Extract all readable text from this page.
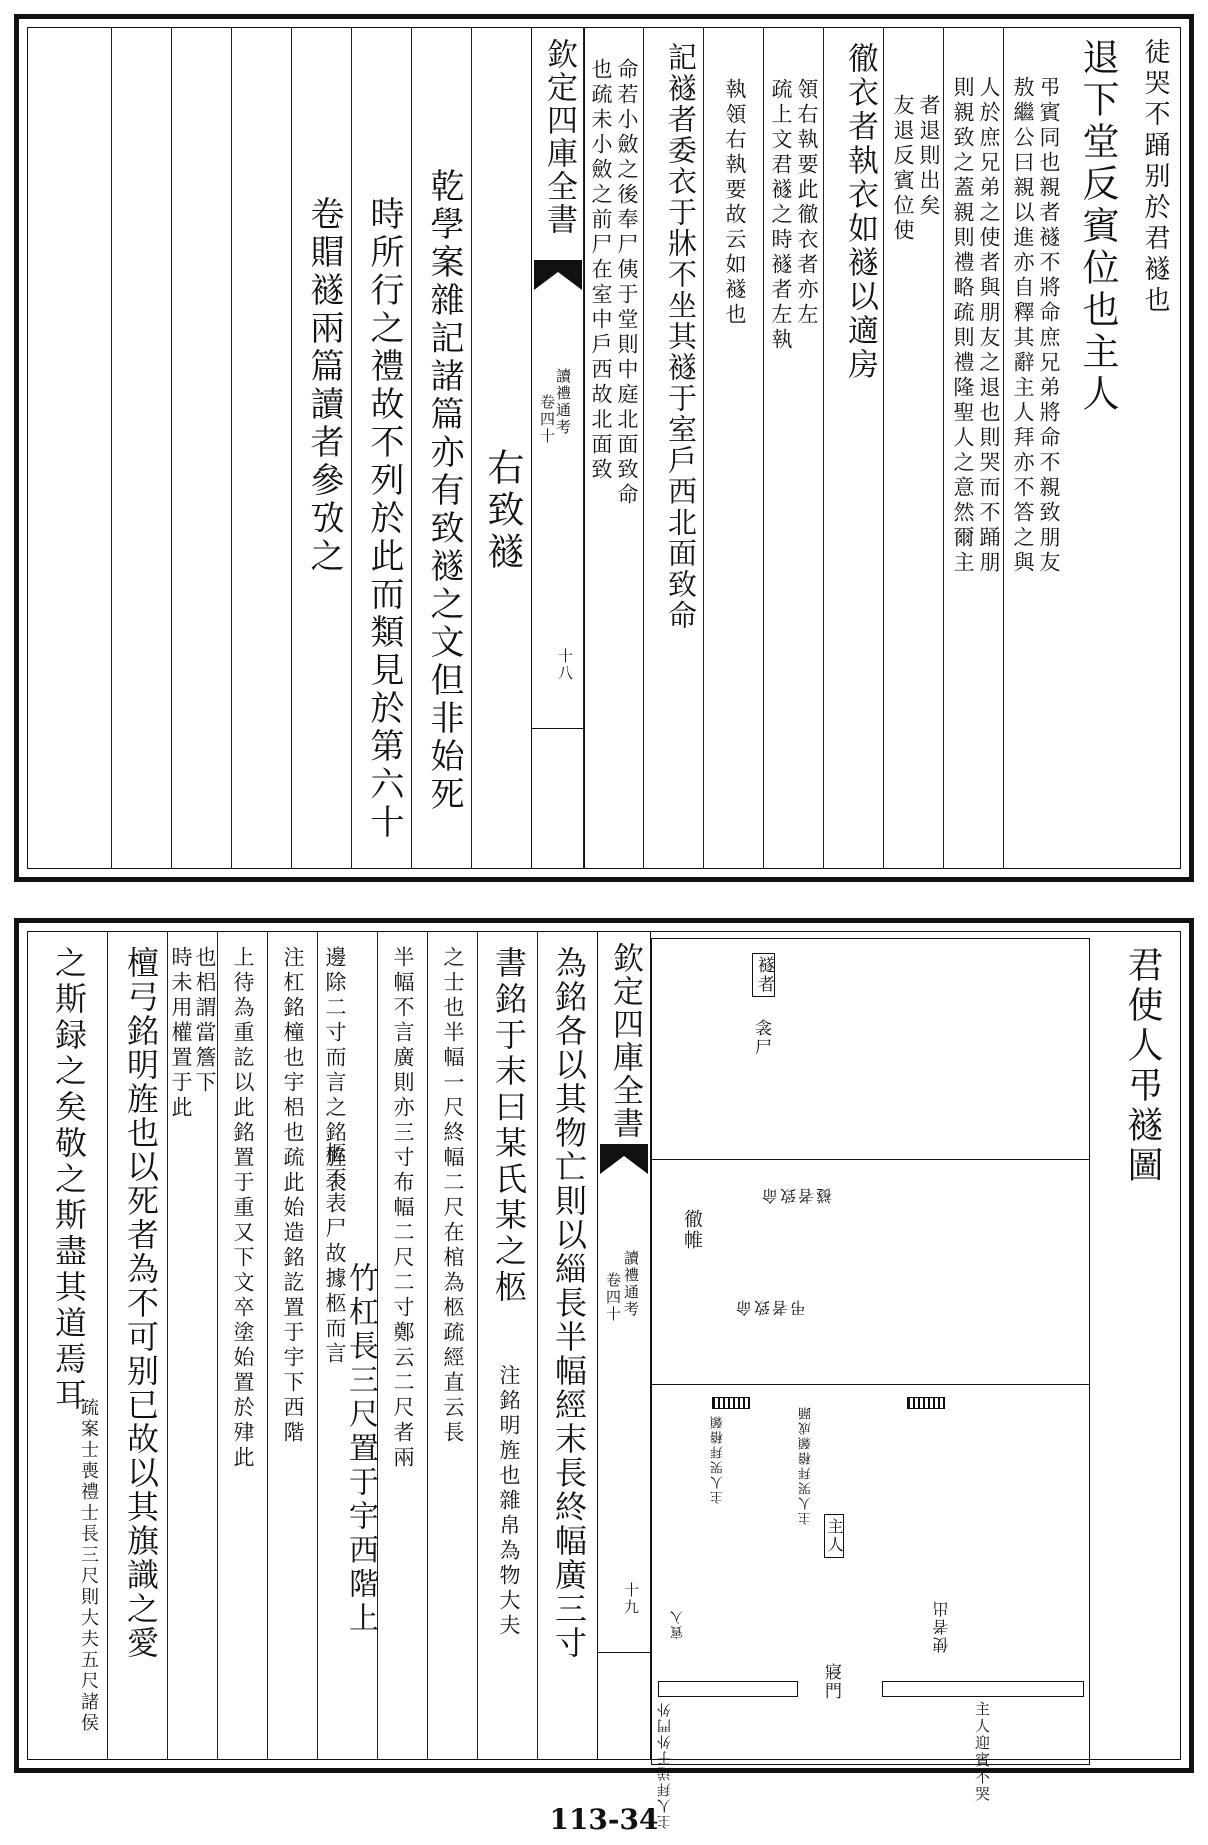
退下堂反賓位也主人 徒哭不踊别於君襚也
敖繼公曰親以進亦自釋其辭主人拜亦不答之與 弔賓同也親者襚不將命庶兄弟將命不親致朋友
則親致之蓋親則禮略疏則禮隆聖人之意然爾主 人於庶兄弟之使者與朋友之退也則哭而不踊朋
友退反賓位使 者退則出矣
徹衣者執衣如襚以適房
疏上文君襚之時襚者左執 領右執要此徹衣者亦左
執領右執要故云如襚也
記襚者委衣于牀不坐其襚于室戶西北面致命
也疏未小斂之前尸在室中戶西故北面致 命若小斂之後奉尸侇于堂則中庭北面致命
欽定四庫全書
讀禮通考
卷四十
十八
右致襚
乾學案雜記諸篇亦有致襚之文但非始死
時所行之禮故不列於此而類見於第六十
卷賵襚兩篇讀者參攷之
襚者
衾尸
徹帷
襚者致命
弔者致命
主人哭拜稽顙	主人哭拜稽顙成踊
主人
使者出
賓入
寢門
主人拜送于外門外	主人迎賓不哭
君使人弔襚圖
欽定四庫全書
讀禮通考
卷四十
十九
為銘各以其物亡則以緇長半幅經末長終幅廣三寸
書銘于末曰某氏某之柩
注銘明旌也雜帛為物大夫
之士也半幅一尺終幅二尺在棺為柩疏經直云長
半幅不言廣則亦三寸布幅二尺二寸鄭云二尺者兩
邊除二寸而言之銘旌表
竹杠長三尺置于宇西階上
柩不表尸故據柩而言
注杠銘橦也宇梠也疏此始造銘訖置于宇下西階
上待為重訖以此銘置于重又下文卒塗始置於肂此
時未用權置于此 也梠謂當簷下
檀弓銘明旌也以死者為不可别已故以其旗識之愛
之斯録之矣敬之斯盡其道焉耳
疏案士喪禮士長三尺則大夫五尺諸侯
113-34
